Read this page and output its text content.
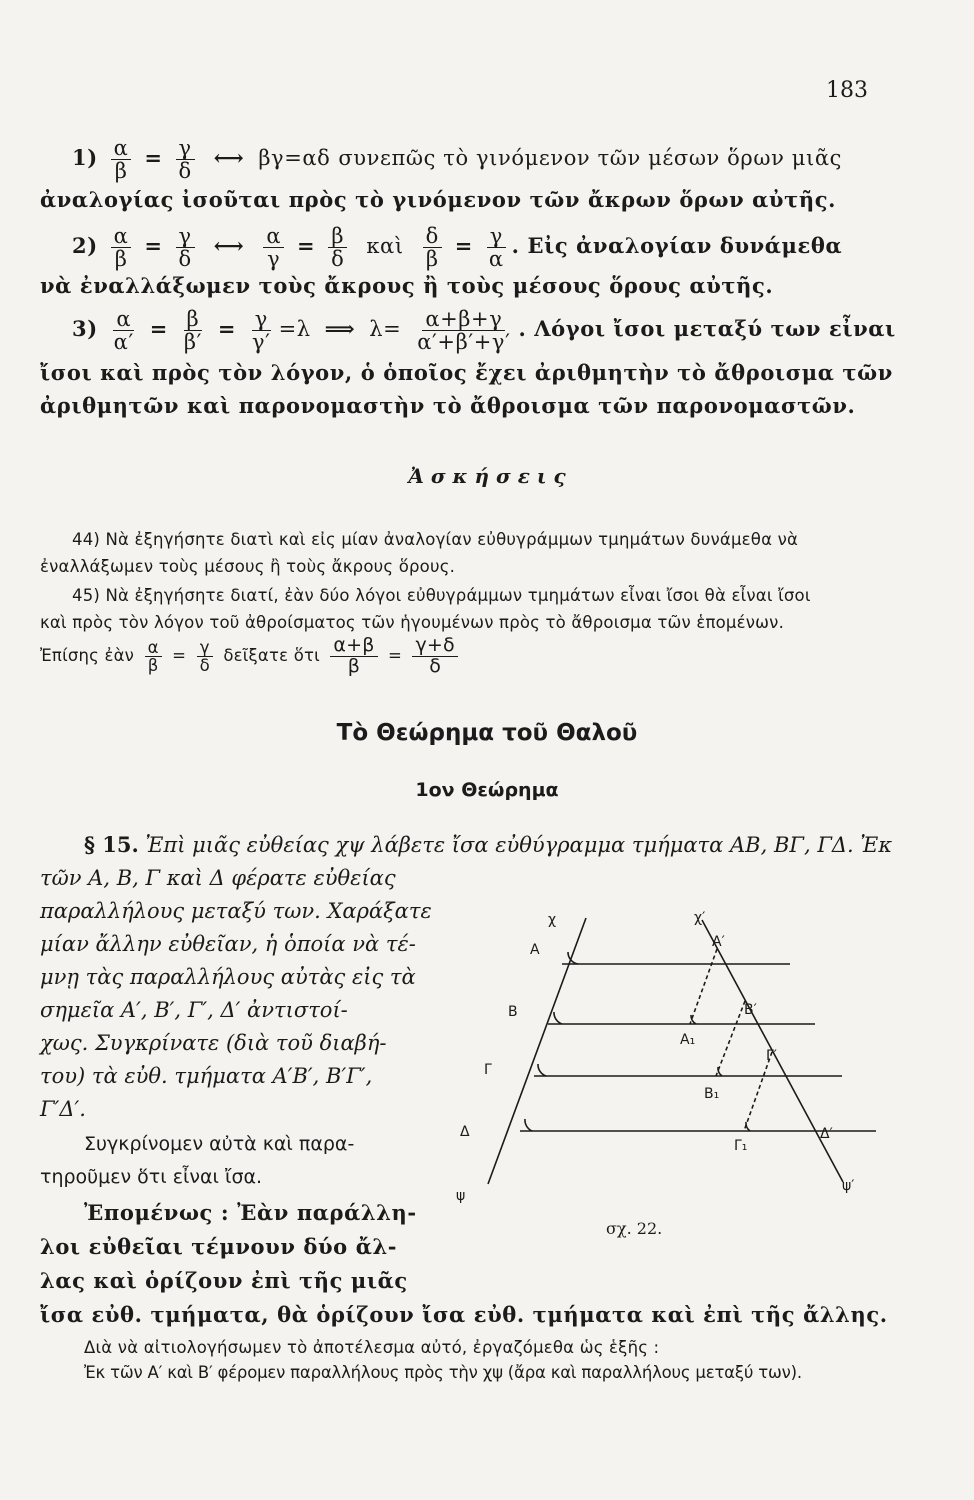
183
$1) \frac{\alpha}{\beta} = \frac{\gamma}{\delta}$ ⟷ βγ=αδ συνεπῶς τὸ γινόμενον τῶν μέσων ὅρων μιᾶς
ἀναλογίας ἰσοῦται πρὸς τὸ γινόμενον τῶν ἄκρων ὅρων αὐτῆς.
$2) \frac{\alpha}{\beta} = \frac{\gamma}{\delta}$ ⟷ $\frac{\alpha}{\gamma} = \frac{\beta}{\delta}$ καὶ $\frac{\delta}{\beta} = \frac{\gamma}{\alpha}$ . Εἰς ἀναλογίαν δυνάμεθα
νὰ ἐναλλάξωμεν τοὺς ἄκρους ἢ τοὺς μέσους ὅρους αὐτῆς.
$3) \frac{\alpha}{\alpha'} = \frac{\beta}{\beta'} = \frac{\gamma}{\gamma'} =\lambda$ ⟹ $\lambda= \frac{\alpha+\beta+\gamma}{\alpha'+\beta'+\gamma'}$ . Λόγοι ἴσοι μεταξύ των εἶναι
ἴσοι καὶ πρὸς τὸν λόγον, ὁ ὁποῖος ἔχει ἀριθμητὴν τὸ ἄθροισμα τῶν
ἀριθμητῶν καὶ παρονομαστὴν τὸ ἄθροισμα τῶν παρονομαστῶν.
Ἀ σ κ ή σ ε ι ς
44) Νὰ ἐξηγήσητε διατὶ καὶ εἰς μίαν ἀναλογίαν εὐθυγράμμων τμημάτων δυνάμεθα νὰ
ἐναλλάξωμεν τοὺς μέσους ἢ τοὺς ἄκρους ὅρους.
45) Νὰ ἐξηγήσητε διατί, ἐὰν δύο λόγοι εὐθυγράμμων τμημάτων εἶναι ἴσοι θὰ εἶναι ἴσοι
καὶ πρὸς τὸν λόγον τοῦ ἀθροίσματος τῶν ἡγουμένων πρὸς τὸ ἄθροισμα τῶν ἑπομένων.
Ἐπίσης ἐὰν $\frac{\alpha}{\beta} = \frac{\gamma}{\delta}$ δεῖξατε ὅτι $\frac{\alpha+\beta}{\beta} = \frac{\gamma+\delta}{\delta}$
Τὸ Θεώρημα τοῦ Θαλοῦ
1ον Θεώρημα
§ 15. Ἐπὶ μιᾶς εὐθείας χψ λάβετε ἴσα εὐθύγραμμα τμήματα ΑΒ, ΒΓ, ΓΔ. Ἐκ
τῶν Α, Β, Γ καὶ Δ φέρατε εὐθείας
παραλλήλους μεταξύ των. Χαράξατε
μίαν ἄλλην εὐθεῖαν, ἡ ὁποία νὰ τέ-
μνῃ τὰς παραλλήλους αὐτὰς εἰς τὰ
σημεῖα Α′, Β′, Γ′, Δ′ ἀντιστοί-
χως. Συγκρίνατε (διὰ τοῦ διαβή-
του) τὰ εὐθ. τμήματα Α′Β′, Β′Γ′,
Γ′Δ′.
Συγκρίνομεν αὐτὰ καὶ παρα-
τηροῦμεν ὅτι εἶναι ἴσα.
Ἐπομένως : Ἐὰν παράλλη-
λοι εὐθεῖαι τέμνουν δύο ἄλ-
λας καὶ ὁρίζουν ἐπὶ τῆς μιᾶς
ἴσα εὐθ. τμήματα, θὰ ὁρίζουν ἴσα εὐθ. τμήματα καὶ ἐπὶ τῆς ἄλλης.
Διὰ νὰ αἰτιολογήσωμεν τὸ ἀποτέλεσμα αὐτό, ἐργαζόμεθα ὡς ἑξῆς :
Ἐκ τῶν Α′ καὶ Β′ φέρομεν παραλλήλους πρὸς τὴν χψ (ἄρα καὶ παραλλήλους μεταξύ των).
χ	χ′
Α	Α′
Β	Β′
Α₁
Γ
Γ′
Β₁
Δ	Δ′
Γ₁
ψ
ψ′
σχ. 22.
